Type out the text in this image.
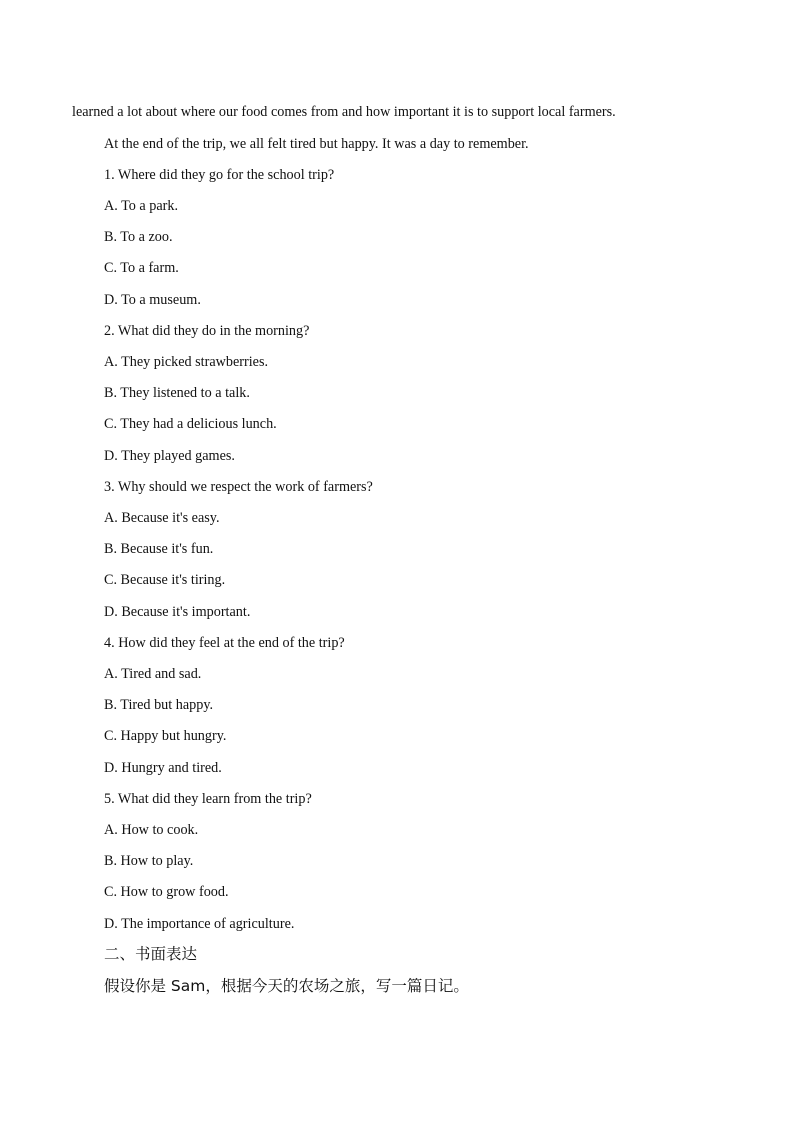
learned a lot about where our food comes from and how important it is to support local farmers.
At the end of the trip, we all felt tired but happy. It was a day to remember.
1. Where did they go for the school trip?
A. To a park.
B. To a zoo.
C. To a farm.
D. To a museum.
2. What did they do in the morning?
A. They picked strawberries.
B. They listened to a talk.
C. They had a delicious lunch.
D. They played games.
3. Why should we respect the work of farmers?
A. Because it's easy.
B. Because it's fun.
C. Because it's tiring.
D. Because it's important.
4. How did they feel at the end of the trip?
A. Tired and sad.
B. Tired but happy.
C. Happy but hungry.
D. Hungry and tired.
5. What did they learn from the trip?
A. How to cook.
B. How to play.
C. How to grow food.
D. The importance of agriculture.
二、书面表达
假设你是 Sam，根据今天的农场之旅，写一篇日记。
